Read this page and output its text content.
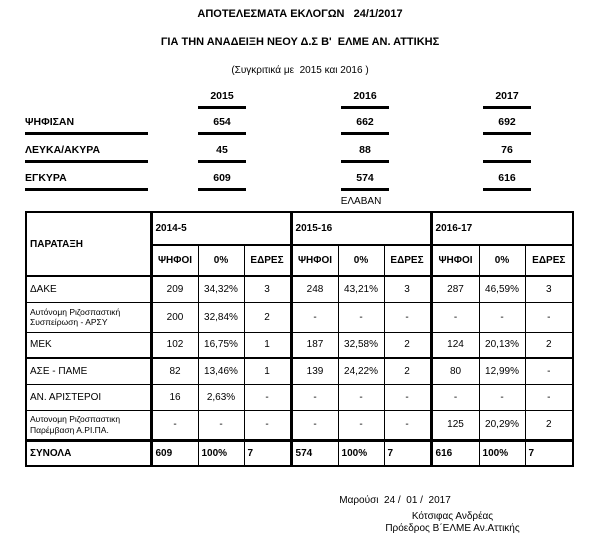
ΑΠΟΤΕΛΕΣΜΑΤΑ ΕΚΛΟΓΩΝ   24/1/2017
ΓΙΑ ΤΗΝ ΑΝΑΔΕΙΞΗ ΝΕΟΥ Δ.Σ Β'  ΕΛΜΕ ΑΝ. ΑΤΤΙΚΗΣ
(Συγκριτικά με  2015 και 2016 )
2015	2016	2017
ΨΗΦΙΣΑΝ	654	662	692
ΛΕΥΚΑ/ΑΚΥΡΑ	45	88	76
ΕΓΚΥΡΑ	609	574	616
ΕΛΑΒΑΝ
ΠΑΡΑΤΑΞΗ	2014-5			2015-16			2016-17		
	ΨΗΦΟΙ	0%	ΕΔΡΕΣ	ΨΗΦΟΙ	0%	ΕΔΡΕΣ	ΨΗΦΟΙ	0%	ΕΔΡΕΣ
ΔΑΚΕ	209	34,32%	3	248	43,21%	3	287	46,59%	3
Αυτόνομη Ριζοσπαστική Συσπείρωση - ΑΡΣΥ	200	32,84%	2	-	-	-	-	-	-
ΜΕΚ	102	16,75%	1	187	32,58%	2	124	20,13%	2
ΑΣΕ - ΠΑΜΕ	82	13,46%	1	139	24,22%	2	80	12,99%	-
ΑΝ. ΑΡΙΣΤΕΡΟΙ	16	2,63%	-	-	-	-	-	-	-
Αυτονομη Ριζοσπαστικη Παρέμβαση Α.ΡΙ.ΠΑ.	-	-	-	-	-	-	125	20,29%	2
ΣΥΝΟΛΑ	609	100%	7	574	100%	7	616	100%	7
Μαρούσι  24 /  01 /  2017
Κότσιφας Ανδρέας
Πρόεδρος Β΄ΕΛΜΕ Αν.Αττικής
